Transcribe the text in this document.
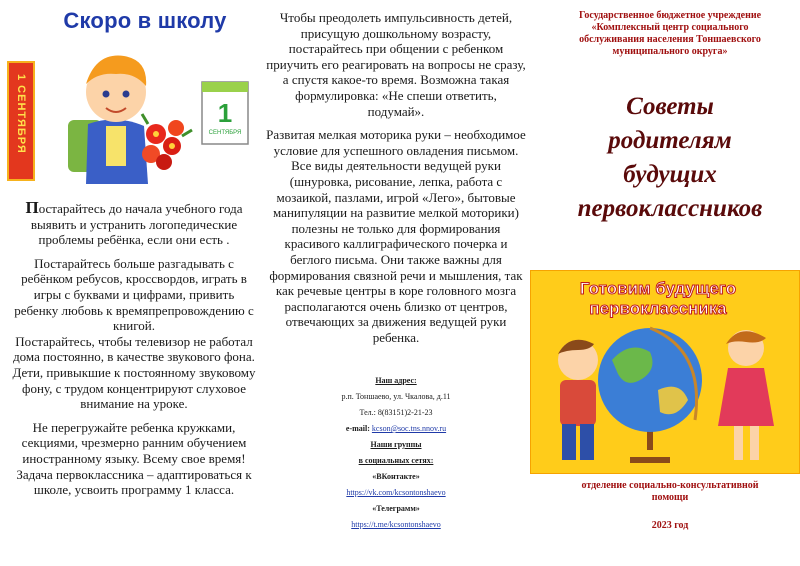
Скоро в школу
1 СЕНТЯБРЯ	1
СЕНТЯБРЯ

Постарайтесь до начала учебного года выявить и устранить логопедические проблемы ребёнка, если они есть .

Постарайтесь больше разгадывать с ребёнком ребусов, кроссвордов, играть в игры с буквами и цифрами, привить ребенку любовь к времяпрепровождению с книгой.

Постарайтесь, чтобы телевизор не работал дома постоянно, в качестве звукового фона. Дети, привыкшие к постоянному звуковому фону, с трудом концентрируют слуховое внимание на уроке.

Не перегружайте ребенка кружками, секциями, чрезмерно ранним обучением иностранному языку. Всему свое время! Задача первоклассника – адаптироваться к школе, усвоить программу 1 класса.

Чтобы преодолеть импульсивность детей, присущую дошкольному возрасту, постарайтесь при общении с ребенком приучить его реагировать на вопросы не сразу, а спустя какое-то время. Возможна такая формулировка: «Не спеши ответить, подумай».

Развитая мелкая моторика руки – необходимое условие для успешного овладения письмом. Все виды деятельности ведущей руки (шнуровка, рисование, лепка, работа с мозаикой, пазлами, игрой «Лего», бытовые манипуляции на развитие мелкой моторики) полезны не только для формирования красивого каллиграфического почерка и беглого письма. Они также важны для формирования связной речи и мышления, так как речевые центры в коре головного мозга располагаются очень близко от центров, отвечающих за движения ведущей руки ребенка.

Наш адрес:
р.п. Тоншаево, ул. Чкалова, д.11
Тел.: 8(83151)2-21-23
e-mail: kcson@soc.tns.nnov.ru
Наши группы
в социальных сетях:
«ВКонтакте»
https://vk.com/kcsontonshaevo
«Телеграмм»
https://t.me/kcsontonshaevo
Государственное бюджетное учреждение «Комплексный центр социального обслуживания населения Тоншаевского муниципального округа»
Советы
родителям
будущих
первоклассников
Готовим будущего
первоклассника
отделение социально-консультативной помощи
2023 год
